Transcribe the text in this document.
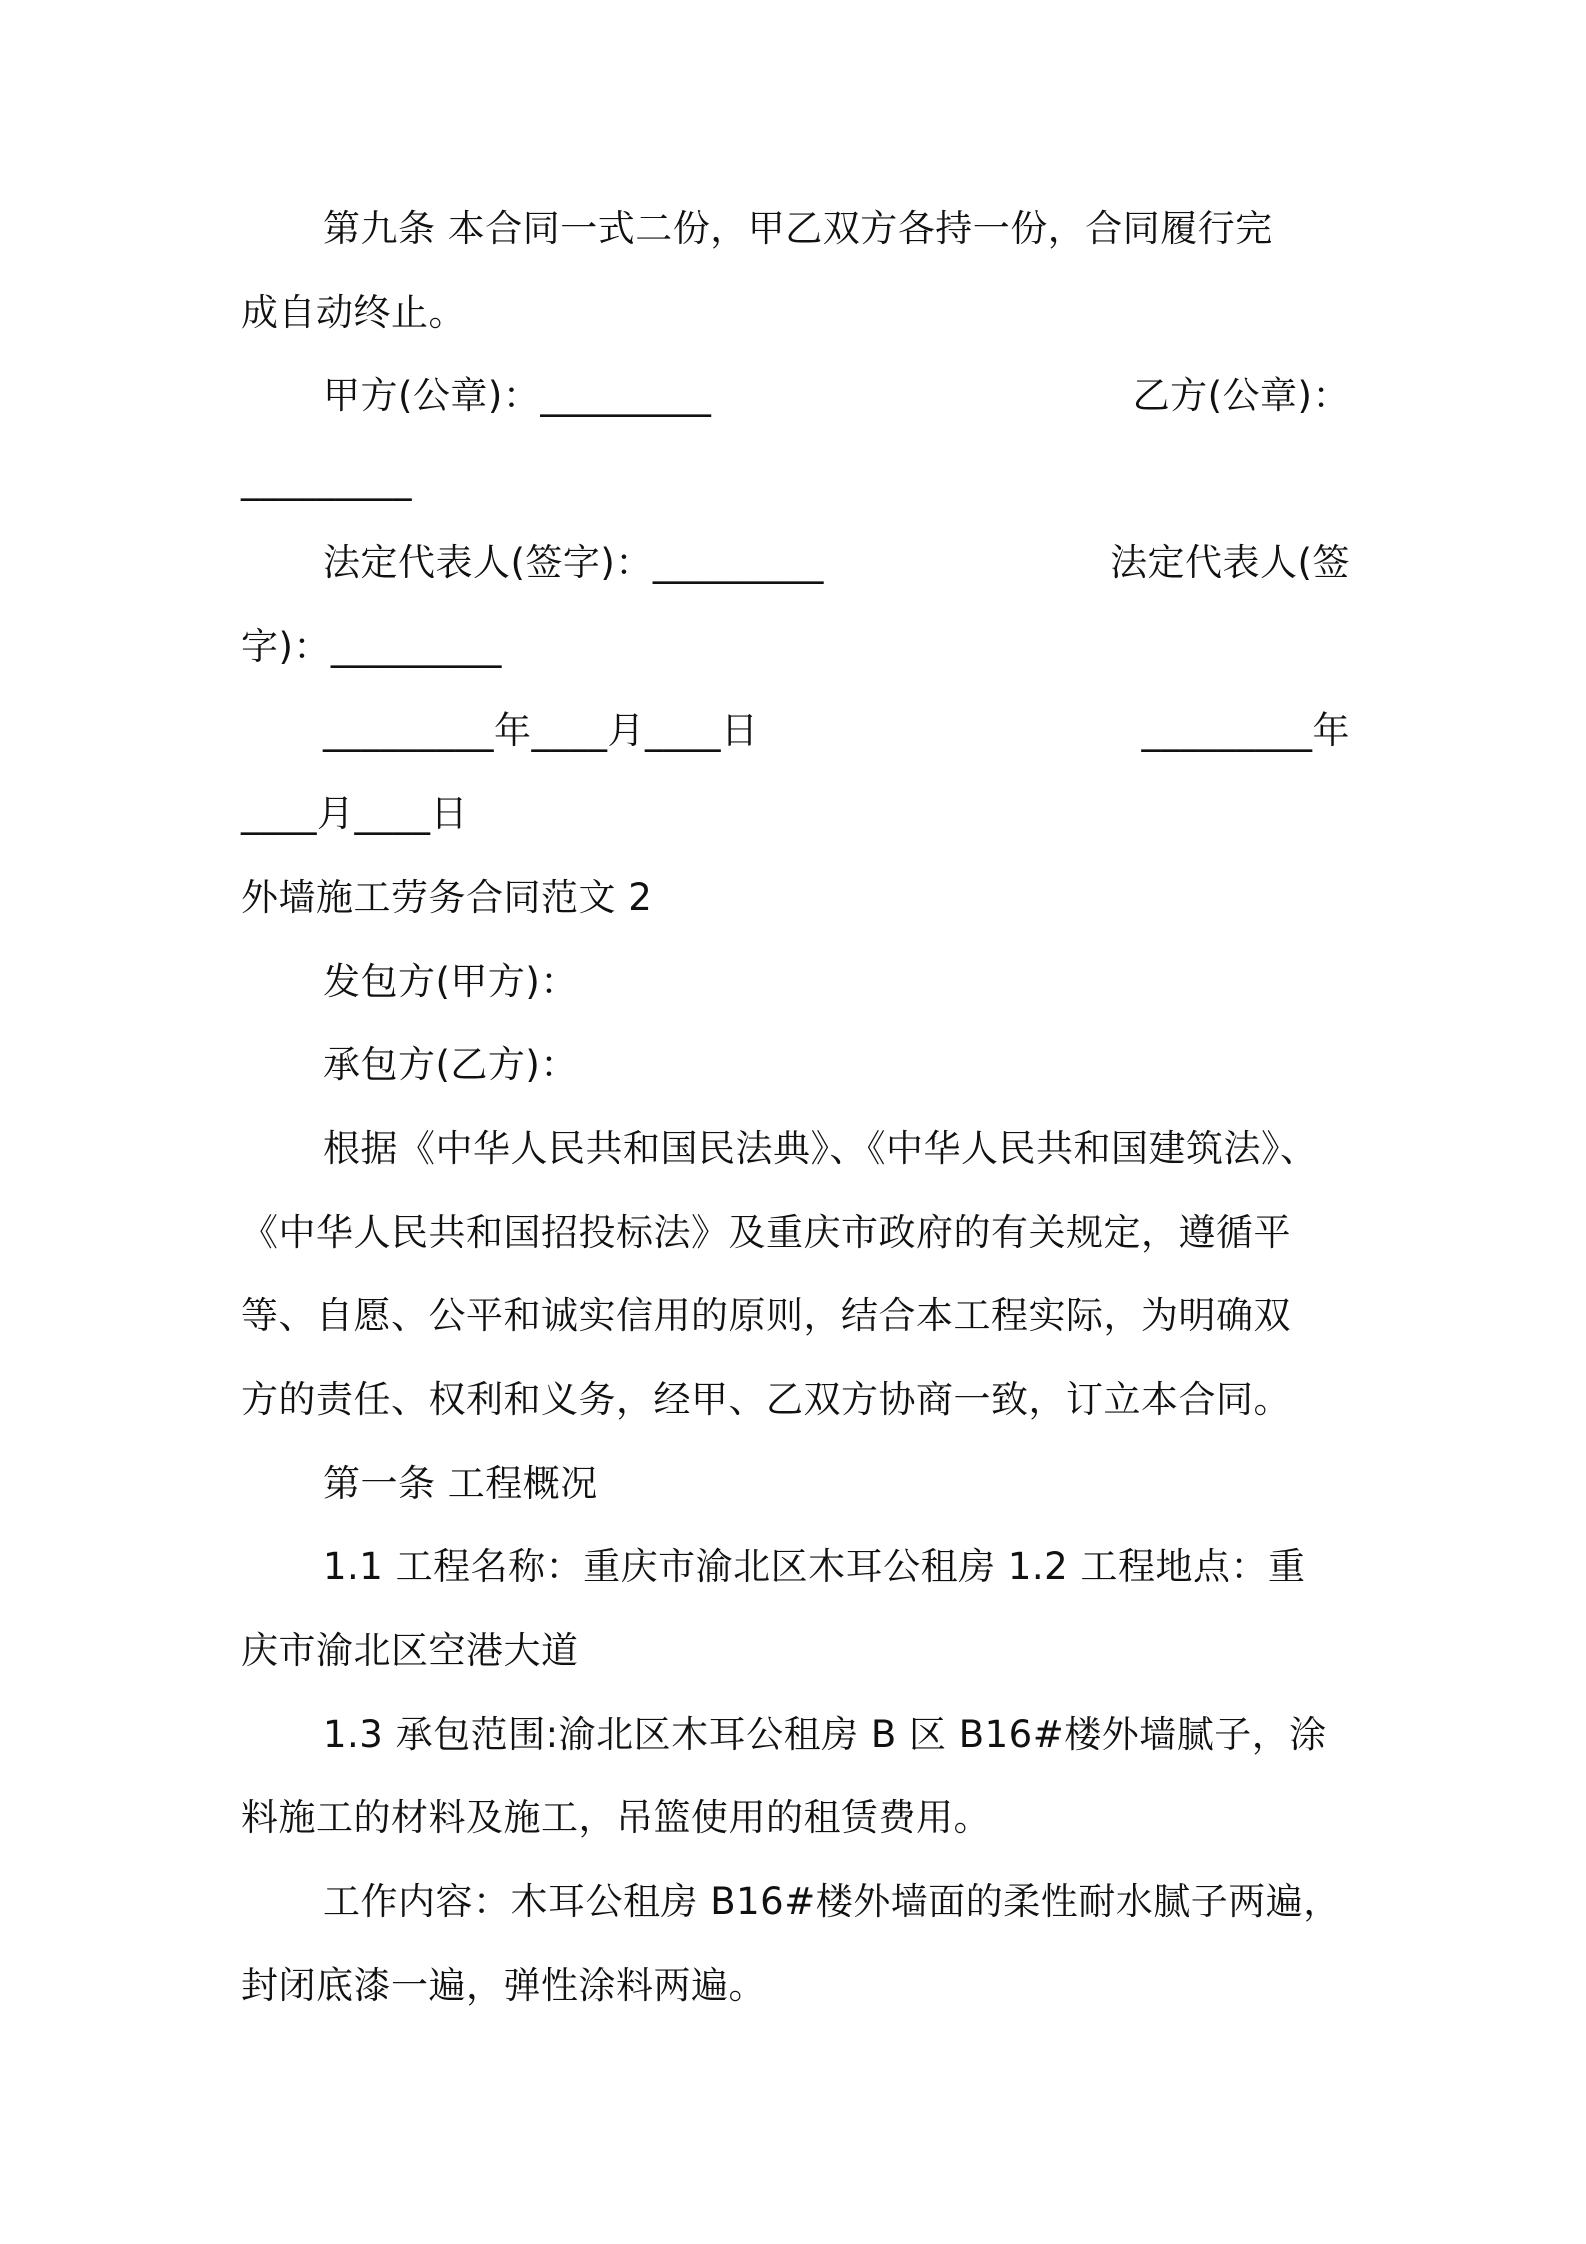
第九条 本合同一式二份，甲乙双方各持一份，合同履行完

成自动终止。

甲方(公章)：_________	乙方(公章)：

_________

法定代表人(签字)：_________	法定代表人(签

字)：_________

_________年____月____日	_________年

____月____日

外墙施工劳务合同范文 2

发包方(甲方)：

承包方(乙方)：

根据《中华人民共和国民法典》、《中华人民共和国建筑法》、

《中华人民共和国招投标法》及重庆市政府的有关规定，遵循平

等、自愿、公平和诚实信用的原则，结合本工程实际，为明确双

方的责任、权利和义务，经甲、乙双方协商一致，订立本合同。

第一条 工程概况

1.1 工程名称：重庆市渝北区木耳公租房 1.2 工程地点：重

庆市渝北区空港大道

1.3 承包范围:渝北区木耳公租房 B 区 B16#楼外墙腻子，涂

料施工的材料及施工，吊篮使用的租赁费用。

工作内容：木耳公租房 B16#楼外墙面的柔性耐水腻子两遍，

封闭底漆一遍，弹性涂料两遍。
